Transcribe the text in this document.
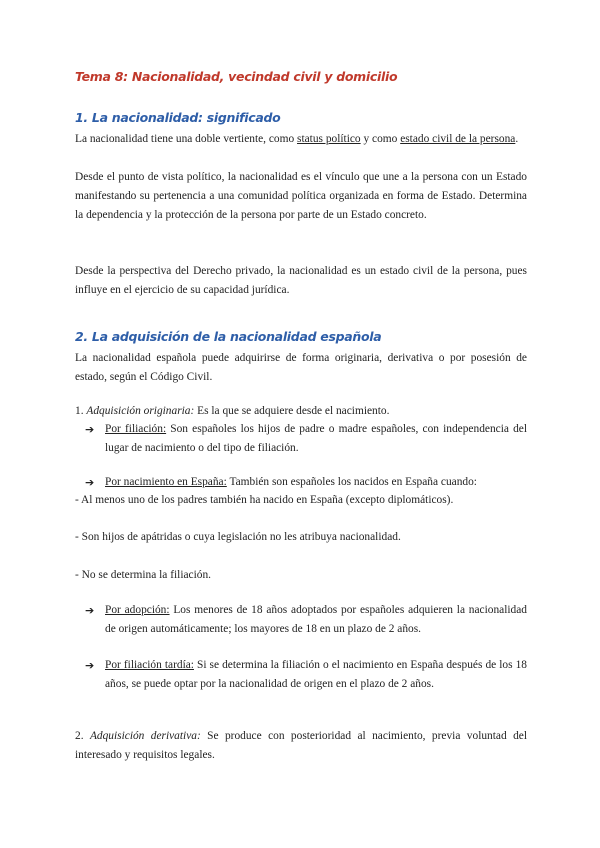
Tema 8: Nacionalidad, vecindad civil y domicilio
1. La nacionalidad: significado
La nacionalidad tiene una doble vertiente, como status político y como estado civil de la persona.

Desde el punto de vista político, la nacionalidad es el vínculo que une a la persona con un Estado manifestando su pertenencia a una comunidad política organizada en forma de Estado. Determina la dependencia y la protección de la persona por parte de un Estado concreto.

Desde la perspectiva del Derecho privado, la nacionalidad es un estado civil de la persona, pues influye en el ejercicio de su capacidad jurídica.

2. La adquisición de la nacionalidad española

La nacionalidad española puede adquirirse de forma originaria, derivativa o por posesión de estado, según el Código Civil.

1. Adquisición originaria: Es la que se adquiere desde el nacimiento.
➔ Por filiación: Son españoles los hijos de padre o madre españoles, con independencia del lugar de nacimiento o del tipo de filiación.
➔ Por nacimiento en España: También son españoles los nacidos en España cuando:
- Al menos uno de los padres también ha nacido en España (excepto diplomáticos).
- Son hijos de apátridas o cuya legislación no les atribuya nacionalidad.
- No se determina la filiación.
➔ Por adopción: Los menores de 18 años adoptados por españoles adquieren la nacionalidad de origen automáticamente; los mayores de 18 en un plazo de 2 años.
➔ Por filiación tardía: Si se determina la filiación o el nacimiento en España después de los 18 años, se puede optar por la nacionalidad de origen en el plazo de 2 años.

2. Adquisición derivativa: Se produce con posterioridad al nacimiento, previa voluntad del interesado y requisitos legales.
